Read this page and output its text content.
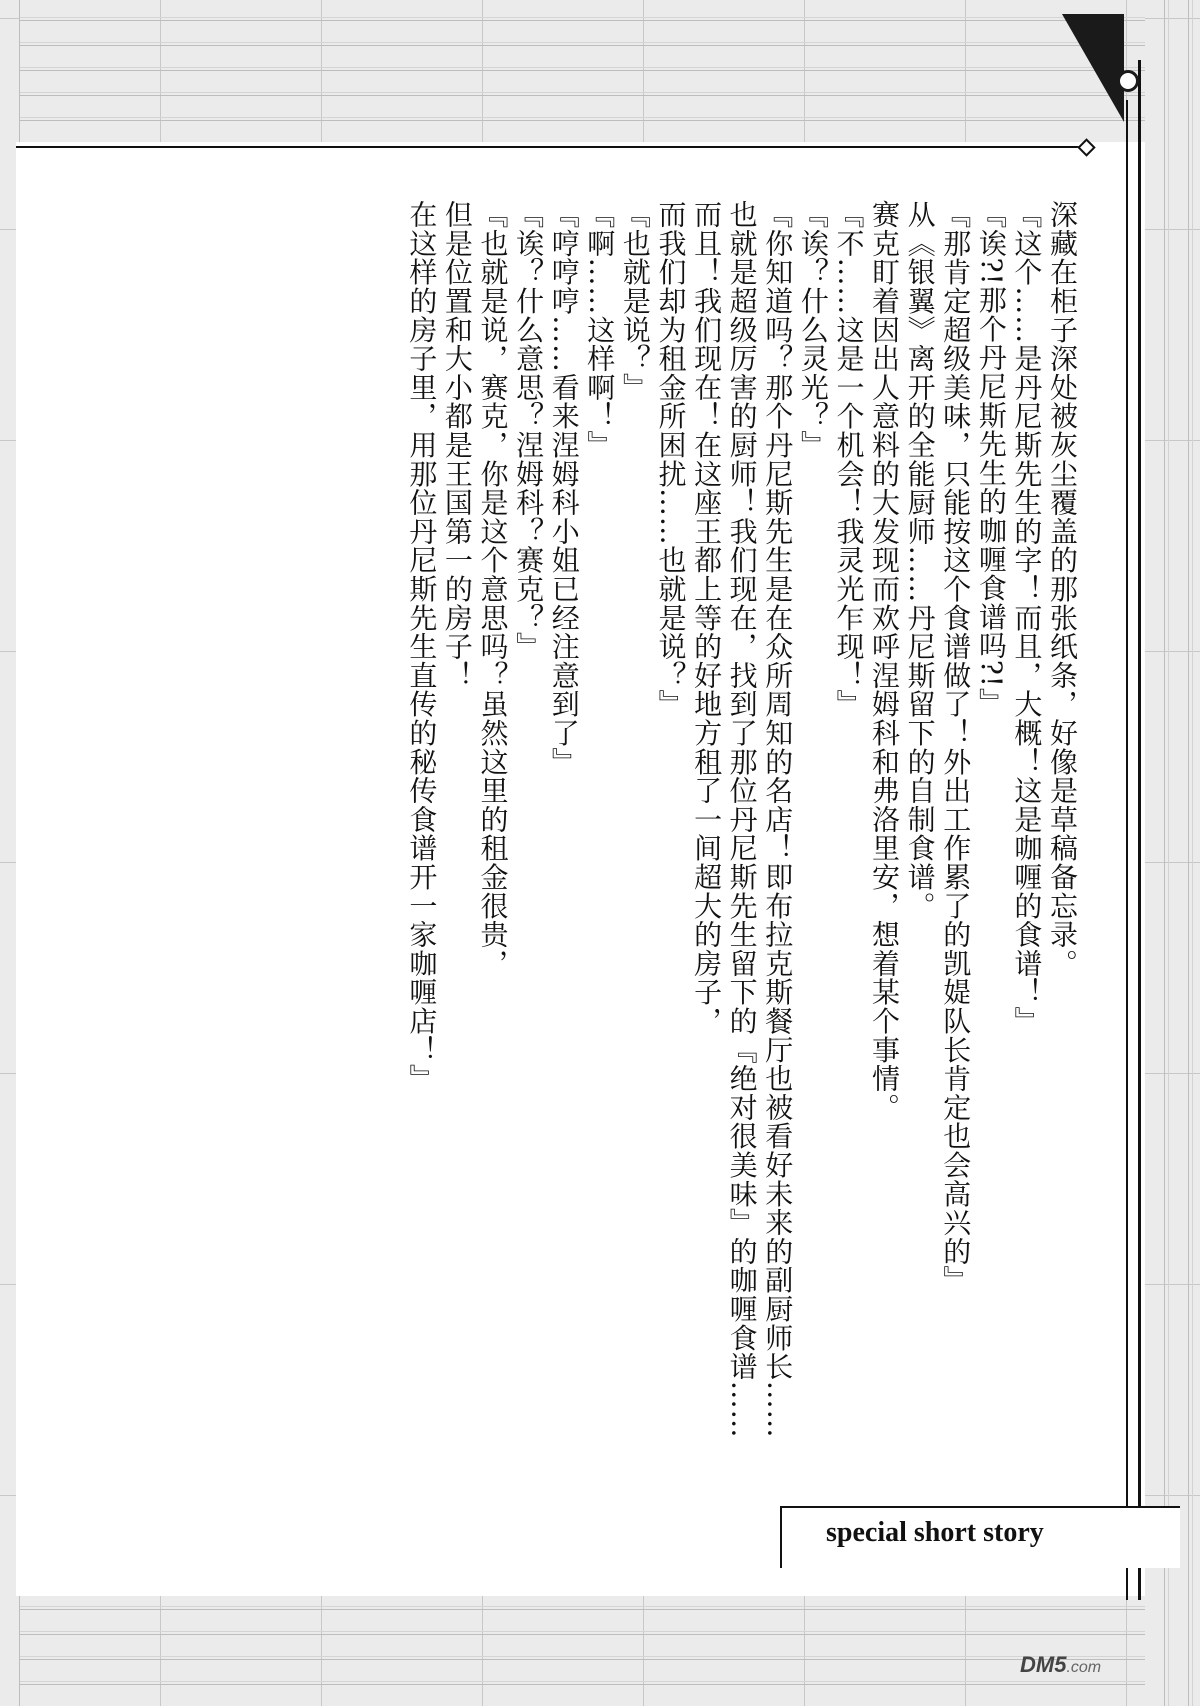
深藏在柜子深处被灰尘覆盖的那张纸条，好像是草稿备忘录。
『这个……是丹尼斯先生的字！而且，大概！这是咖喱的食谱！』
『诶?!那个丹尼斯先生的咖喱食谱吗?!』
『那肯定超级美味，只能按这个食谱做了！外出工作累了的凯媞队长肯定也会高兴的』
从《银翼》离开的全能厨师……丹尼斯留下的自制食谱。
赛克盯着因出人意料的大发现而欢呼涅姆科和弗洛里安，想着某个事情。
『不……这是一个机会！我灵光乍现！』
『诶？什么灵光？』
『你知道吗？那个丹尼斯先生是在众所周知的名店！即布拉克斯餐厅也被看好未来的副厨师长……
也就是超级厉害的厨师！我们现在，找到了那位丹尼斯先生留下的『绝对很美味』的咖喱食谱……
而且！我们现在！在这座王都上等的好地方租了一间超大的房子，
而我们却为租金所困扰……也就是说？』
『也就是说？』
『啊……这样啊！』
『哼哼哼……看来涅姆科小姐已经注意到了』
『诶？什么意思？涅姆科？赛克？』
『也就是说，赛克，你是这个意思吗？虽然这里的租金很贵，
但是位置和大小都是王国第一的房子！
在这样的房子里，用那位丹尼斯先生直传的秘传食谱开一家咖喱店！』
special short story
DM5.com
